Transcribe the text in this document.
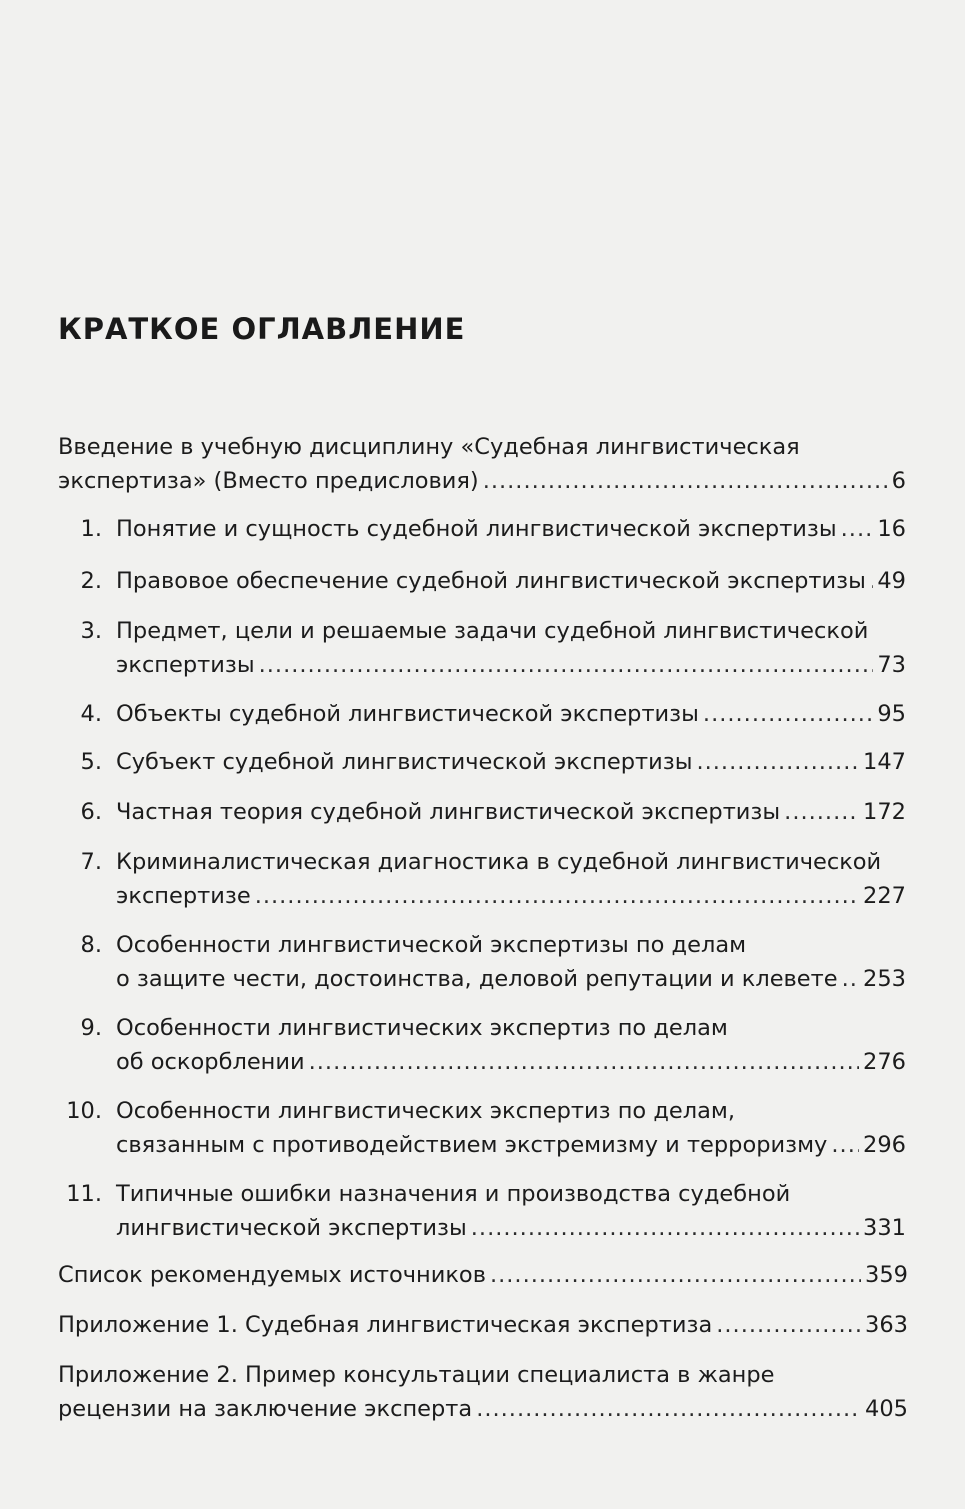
КРАТКОЕ ОГЛАВЛЕНИЕ
Введение в учебную дисциплину «Судебная лингвистическая
экспертиза» (Вместо предисловия) .....	6
1. Понятие и сущность судебной лингвистической экспертизы ..... 16
2. Правовое обеспечение судебной лингвистической экспертизы ..... 49
3. Предмет, цели и решаемые задачи судебной лингвистической
экспертизы .....	73
4. Объекты судебной лингвистической экспертизы .....	95
5. Субъект судебной лингвистической экспертизы .....	147
6. Частная теория судебной лингвистической экспертизы .....	172
7. Криминалистическая диагностика в судебной лингвистической
экспертизе .....	227
8. Особенности лингвистической экспертизы по делам
о защите чести, достоинства, деловой репутации и клевете ..... 253
9. Особенности лингвистических экспертиз по делам
об оскорблении .....	276
10. Особенности лингвистических экспертиз по делам,
связанным с противодействием экстремизму и терроризму ..... 296
11. Типичные ошибки назначения и производства судебной
лингвистической экспертизы .....	331
Список рекомендуемых источников .....	359
Приложение 1. Судебная лингвистическая экспертиза .....	363
Приложение 2. Пример консультации специалиста в жанре
рецензии на заключение эксперта .....	405
